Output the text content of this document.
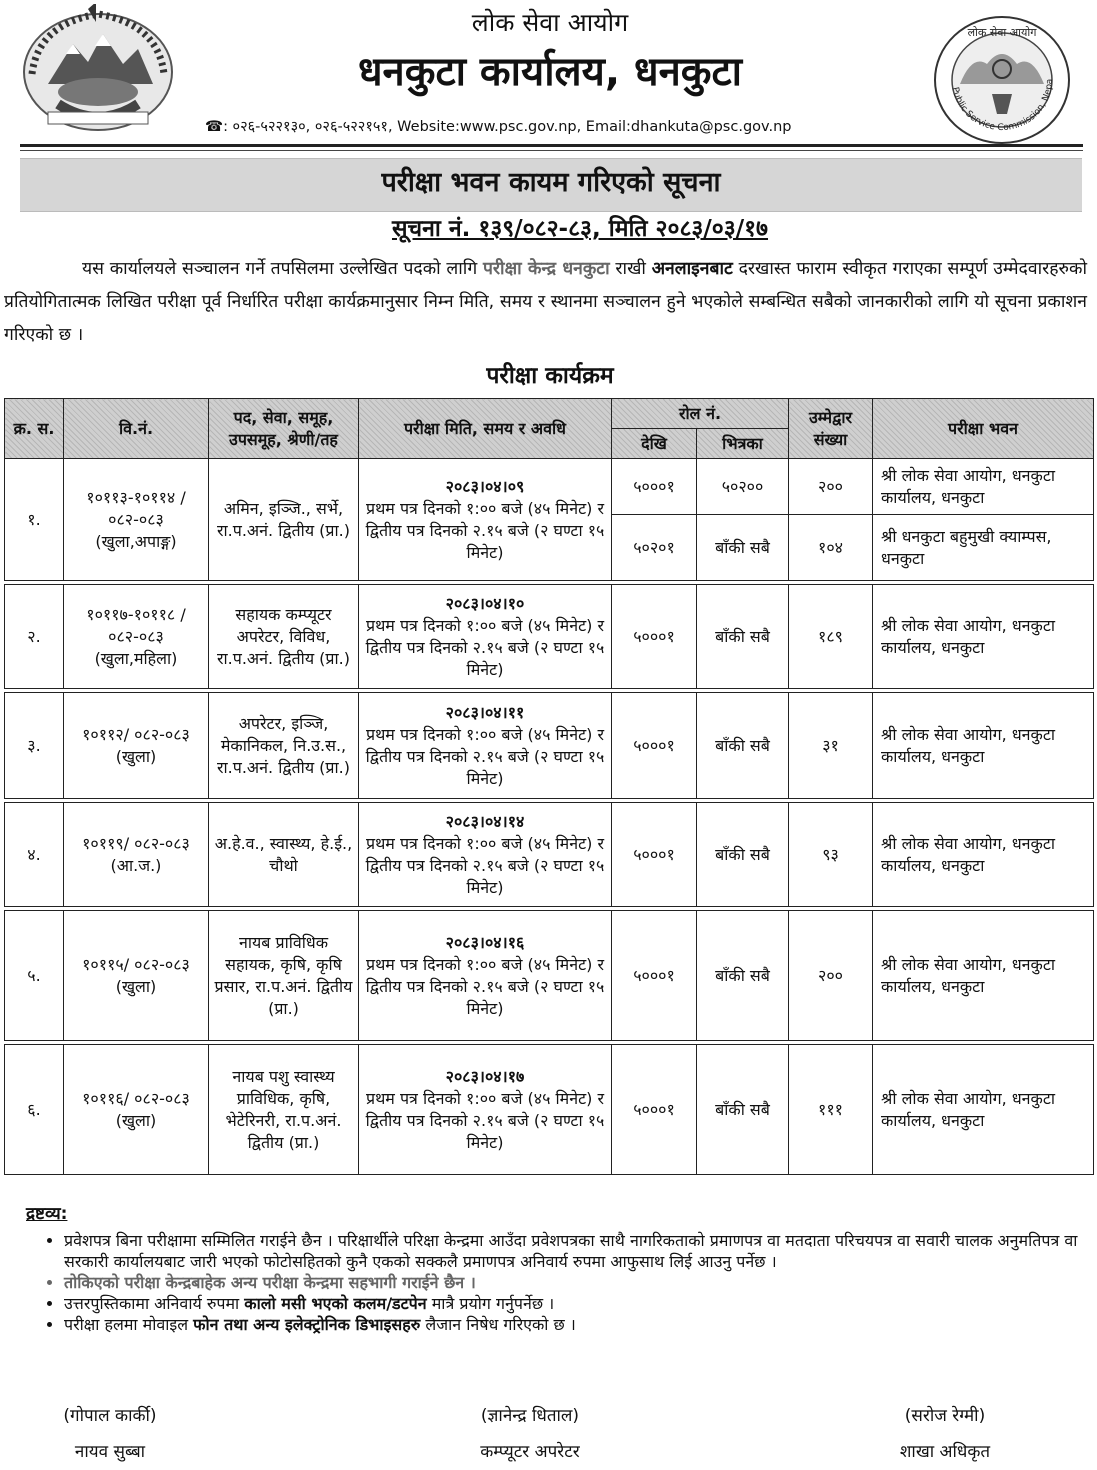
लोक सेवा आयोग
Public Service Commission, Nepa
लोक सेवा आयोग
धनकुटा कार्यालय, धनकुटा
☎: ०२६-५२२१३०, ०२६-५२२१५१, Website:www.psc.gov.np, Email:dhankuta@psc.gov.np
परीक्षा भवन कायम गरिएको सूचना
सूचना नं. १३९/०८२-८३, मिति २०८३/०३/१७
यस कार्यालयले सञ्चालन गर्ने तपसिलमा उल्लेखित पदको लागि परीक्षा केन्द्र धनकुटा राखी अनलाइनबाट दरखास्त फाराम स्वीकृत गराएका सम्पूर्ण उम्मेदवारहरुको प्रतियोगितात्मक लिखित परीक्षा पूर्व निर्धारित परीक्षा कार्यक्रमानुसार निम्न मिति, समय र स्थानमा सञ्चालन हुने भएकोले सम्बन्धित सबैको जानकारीको लागि यो सूचना प्रकाशन गरिएको छ ।
परीक्षा कार्यक्रम
क्र. स.	वि.नं.	पद, सेवा, समूह, उपसमूह, श्रेणी/तह	परीक्षा मिति, समय र अवधि	रोल नं.		उम्मेद्वार संख्या	परीक्षा भवन
				देखि	भित्रका		
१.	१०११३-१०११४ /०८२-०८३ (खुला,अपाङ्ग)	अमिन, इञ्जि., सर्भे, रा.प.अनं. द्वितीय (प्रा.)	२०८३।०४।०९
प्रथम पत्र दिनको १:०० बजे (४५ मिनेट) र द्वितीय पत्र दिनको २.१५ बजे (२ घण्टा १५ मिनेट)	५०००१	५०२००	२००	श्री लोक सेवा आयोग, धनकुटा कार्यालय, धनकुटा
				५०२०१	बाँकी सबै	१०४	श्री धनकुटा बहुमुखी क्याम्पस, धनकुटा

२.	१०११७-१०११८ /०८२-०८३ (खुला,महिला)	सहायक कम्प्यूटर अपरेटर, विविध, रा.प.अनं. द्वितीय (प्रा.)	२०८३।०४।१०
प्रथम पत्र दिनको १:०० बजे (४५ मिनेट) र द्वितीय पत्र दिनको २.१५ बजे (२ घण्टा १५ मिनेट)	५०००१	बाँकी सबै	१८९	श्री लोक सेवा आयोग, धनकुटा कार्यालय, धनकुटा

३.	१०११२/ ०८२-०८३ (खुला)	अपरेटर, इञ्जि, मेकानिकल, नि.उ.स., रा.प.अनं. द्वितीय (प्रा.)	२०८३।०४।११
प्रथम पत्र दिनको १:०० बजे (४५ मिनेट) र द्वितीय पत्र दिनको २.१५ बजे (२ घण्टा १५ मिनेट)	५०००१	बाँकी सबै	३१	श्री लोक सेवा आयोग, धनकुटा कार्यालय, धनकुटा

४.	१०११९/ ०८२-०८३ (आ.ज.)	अ.हे.व., स्वास्थ्य, हे.ई., चौथो	२०८३।०४।१४
प्रथम पत्र दिनको १:०० बजे (४५ मिनेट) र द्वितीय पत्र दिनको २.१५ बजे (२ घण्टा १५ मिनेट)	५०००१	बाँकी सबै	९३	श्री लोक सेवा आयोग, धनकुटा कार्यालय, धनकुटा

५.	१०११५/ ०८२-०८३ (खुला)	नायब प्राविधिक सहायक, कृषि, कृषि प्रसार, रा.प.अनं. द्वितीय (प्रा.)	२०८३।०४।१६
प्रथम पत्र दिनको १:०० बजे (४५ मिनेट) र द्वितीय पत्र दिनको २.१५ बजे (२ घण्टा १५ मिनेट)	५०००१	बाँकी सबै	२००	श्री लोक सेवा आयोग, धनकुटा कार्यालय, धनकुटा

६.	१०११६/ ०८२-०८३ (खुला)	नायब पशु स्वास्थ्य प्राविधिक, कृषि, भेटेरिनरी, रा.प.अनं. द्वितीय (प्रा.)	२०८३।०४।१७
प्रथम पत्र दिनको १:०० बजे (४५ मिनेट) र द्वितीय पत्र दिनको २.१५ बजे (२ घण्टा १५ मिनेट)	५०००१	बाँकी सबै	१११	श्री लोक सेवा आयोग, धनकुटा कार्यालय, धनकुटा
द्रष्टव्य:
• प्रवेशपत्र बिना परीक्षामा सम्मिलित गराईने छैन । परिक्षार्थीले परिक्षा केन्द्रमा आउँदा प्रवेशपत्रका साथै नागरिकताको प्रमाणपत्र वा मतदाता परिचयपत्र वा सवारी चालक अनुमतिपत्र वा सरकारी कार्यालयबाट जारी भएको फोटोसहितको कुनै एकको सक्कलै प्रमाणपत्र अनिवार्य रुपमा आफुसाथ लिई आउनु पर्नेछ ।
• तोकिएको परीक्षा केन्द्रबाहेक अन्य परीक्षा केन्द्रमा सहभागी गराईने छैन ।
• उत्तरपुस्तिकामा अनिवार्य रुपमा कालो मसी भएको कलम/डटपेन मात्रै प्रयोग गर्नुपर्नेछ ।
• परीक्षा हलमा मोवाइल फोन तथा अन्य इलेक्ट्रोनिक डिभाइसहरु लैजान निषेध गरिएको छ ।
(गोपाल कार्की)
नायव सुब्बा
(ज्ञानेन्द्र धिताल)
कम्प्यूटर अपरेटर
(सरोज रेग्मी)
शाखा अधिकृत
